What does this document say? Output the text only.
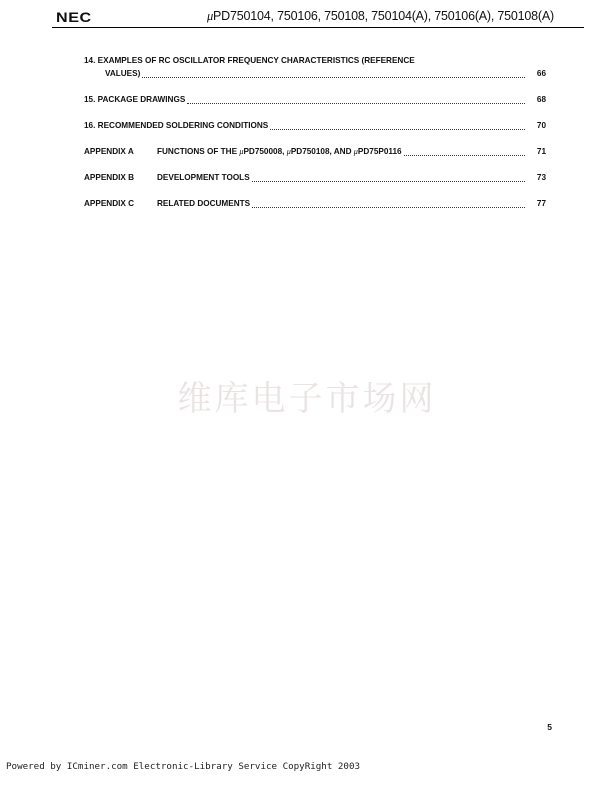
NEC	μPD750104, 750106, 750108, 750104(A), 750106(A), 750108(A)
14. EXAMPLES OF RC OSCILLATOR FREQUENCY CHARACTERISTICS (REFERENCE
VALUES)	66
15. PACKAGE DRAWINGS	68
16. RECOMMENDED SOLDERING CONDITIONS	70
APPENDIX A	FUNCTIONS OF THE μPD750008, μPD750108, AND μPD75P0116	71
APPENDIX B	DEVELOPMENT TOOLS	73
APPENDIX C	RELATED DOCUMENTS	77
维库电子市场网
5
Powered by ICminer.com Electronic-Library Service CopyRight 2003
